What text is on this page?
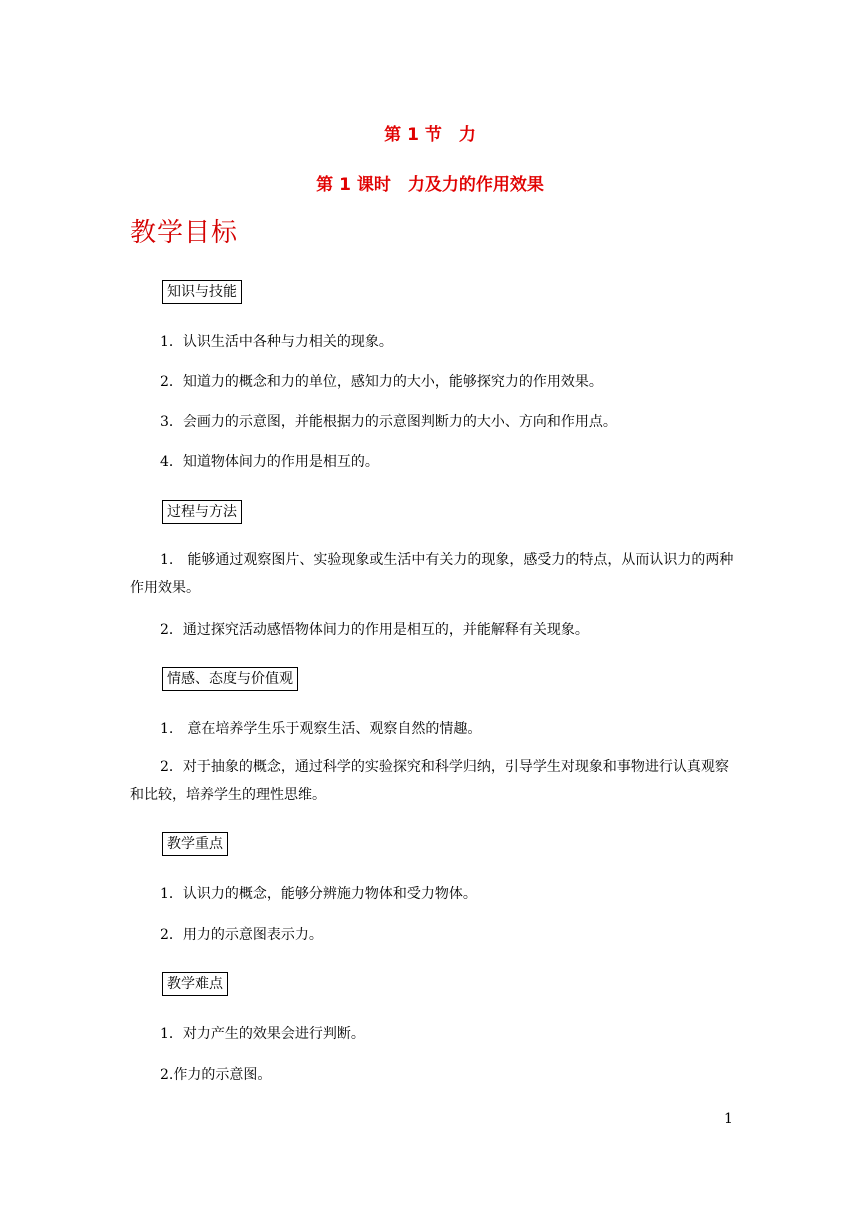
第 1 节　力
第 1 课时　力及力的作用效果
教学目标
知识与技能
1．认识生活中各种与力相关的现象。
2．知道力的概念和力的单位，感知力的大小，能够探究力的作用效果。
3．会画力的示意图，并能根据力的示意图判断力的大小、方向和作用点。
4．知道物体间力的作用是相互的。
过程与方法
1.　能够通过观察图片、实验现象或生活中有关力的现象，感受力的特点，从而认识力的两种作用效果。
2．通过探究活动感悟物体间力的作用是相互的，并能解释有关现象。
情感、态度与价值观
1.　意在培养学生乐于观察生活、观察自然的情趣。
2．对于抽象的概念，通过科学的实验探究和科学归纳，引导学生对现象和事物进行认真观察和比较，培养学生的理性思维。
教学重点
1．认识力的概念，能够分辨施力物体和受力物体。
2．用力的示意图表示力。
教学难点
1．对力产生的效果会进行判断。
2.作力的示意图。
1
